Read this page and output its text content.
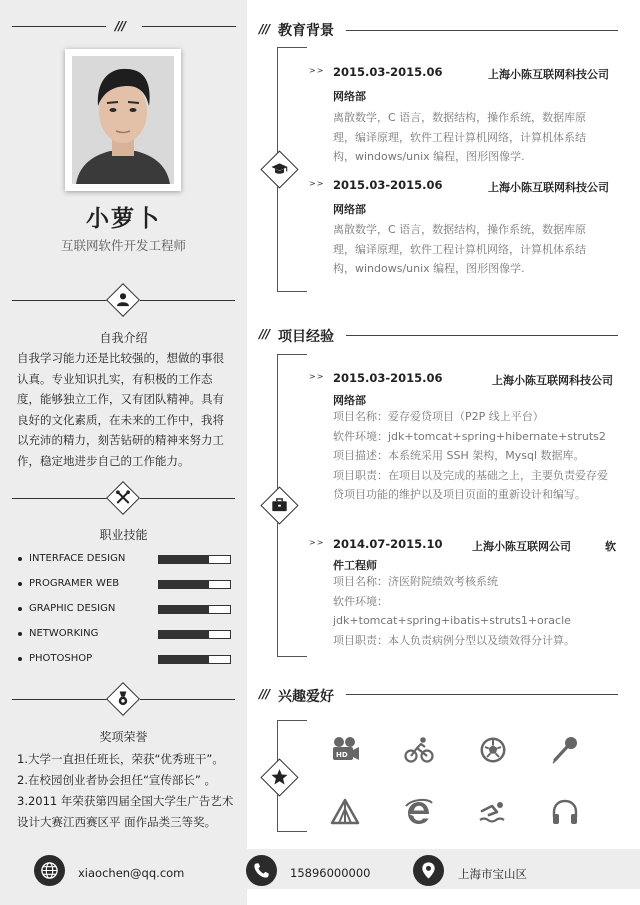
///
小萝卜
互联网软件开发工程师
自我介绍
自我学习能力还是比较强的，想做的事很认真。专业知识扎实，有积极的工作态度，能够独立工作，又有团队精神。具有良好的文化素质，在未来的工作中，我将以充沛的精力，刻苦钻研的精神来努力工作，稳定地进步自己的工作能力。
职业技能
INTERFACE DESIGN
PROGRAMER WEB
GRAPHIC DESIGN
NETWORKING
PHOTOSHOP
奖项荣誉
1.大学一直担任班长，荣获“优秀班干”。
2.在校园创业者协会担任“宣传部长” 。
3.2011 年荣获第四届全国大学生广告艺术设计大赛江西赛区平 面作品类三等奖。
/// 教育背景
>> 2015.03-2015.06	上海小陈互联网科技公司
网络部
离散数学，C 语言，数据结构，操作系统，数据库原理，编译原理，软件工程计算机网络，计算机体系结构，windows/unix 编程，图形图像学.
>> 2015.03-2015.06	上海小陈互联网科技公司
网络部
离散数学，C 语言，数据结构，操作系统，数据库原理，编译原理，软件工程计算机网络，计算机体系结构，windows/unix 编程，图形图像学.
/// 项目经验
>> 2015.03-2015.06	上海小陈互联网科技公司
网络部
项目名称：爱存爱贷项目（P2P 线上平台）
软件环境：jdk+tomcat+spring+hibernate+struts2
项目描述：本系统采用 SSH 架构，Mysql 数据库。
项目职责：在项目以及完成的基础之上，主要负责爱存爱贷项目功能的维护以及项目页面的重新设计和编写。
>> 2014.07-2015.10	上海小陈互联网公司	软
件工程师
项目名称：济医附院绩效考核系统
软件环境：
jdk+tomcat+spring+ibatis+struts1+oracle
项目职责：本人负责病例分型以及绩效得分计算。
/// 兴趣爱好
HD
xiaochen@qq.com	15896000000	上海市宝山区
